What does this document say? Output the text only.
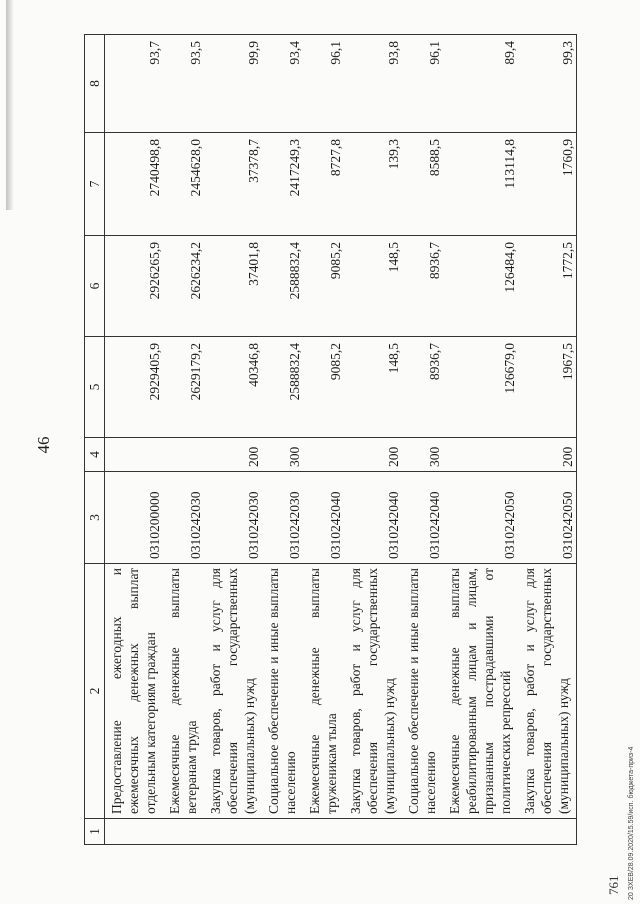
46
1	2	3	4	5	6	7	8
	Предоставление ежегодных и ежемесячных денежных выплат отдельным категориям граждан	0310200000		2929405,9	2926265,9	2740498,8	93,7
	Ежемесячные денежные выплаты ветеранам труда	0310242030		2629179,2	2626234,2	2454628,0	93,5
	Закупка товаров, работ и услуг для обеспечения государственных (муниципальных) нужд	0310242030	200	40346,8	37401,8	37378,7	99,9
	Социальное обеспечение и иные выплаты населению	0310242030	300	2588832,4	2588832,4	2417249,3	93,4
	Ежемесячные денежные выплаты труженикам тыла	0310242040		9085,2	9085,2	8727,8	96,1
	Закупка товаров, работ и услуг для обеспечения государственных (муниципальных) нужд	0310242040	200	148,5	148,5	139,3	93,8
	Социальное обеспечение и иные выплаты населению	0310242040	300	8936,7	8936,7	8588,5	96,1
	Ежемесячные денежные выплаты реабилитированным лицам и лицам, признанным пострадавшими от политических репрессий	0310242050		126679,0	126484,0	113114,8	89,4
	Закупка товаров, работ и услуг для обеспечения государственных (муниципальных) нужд	0310242050	200	1967,5	1772,5	1760,9	99,3
20 ЗХЕВ/28.09.2020/15.59/исп. бюджета-приз-4
761
